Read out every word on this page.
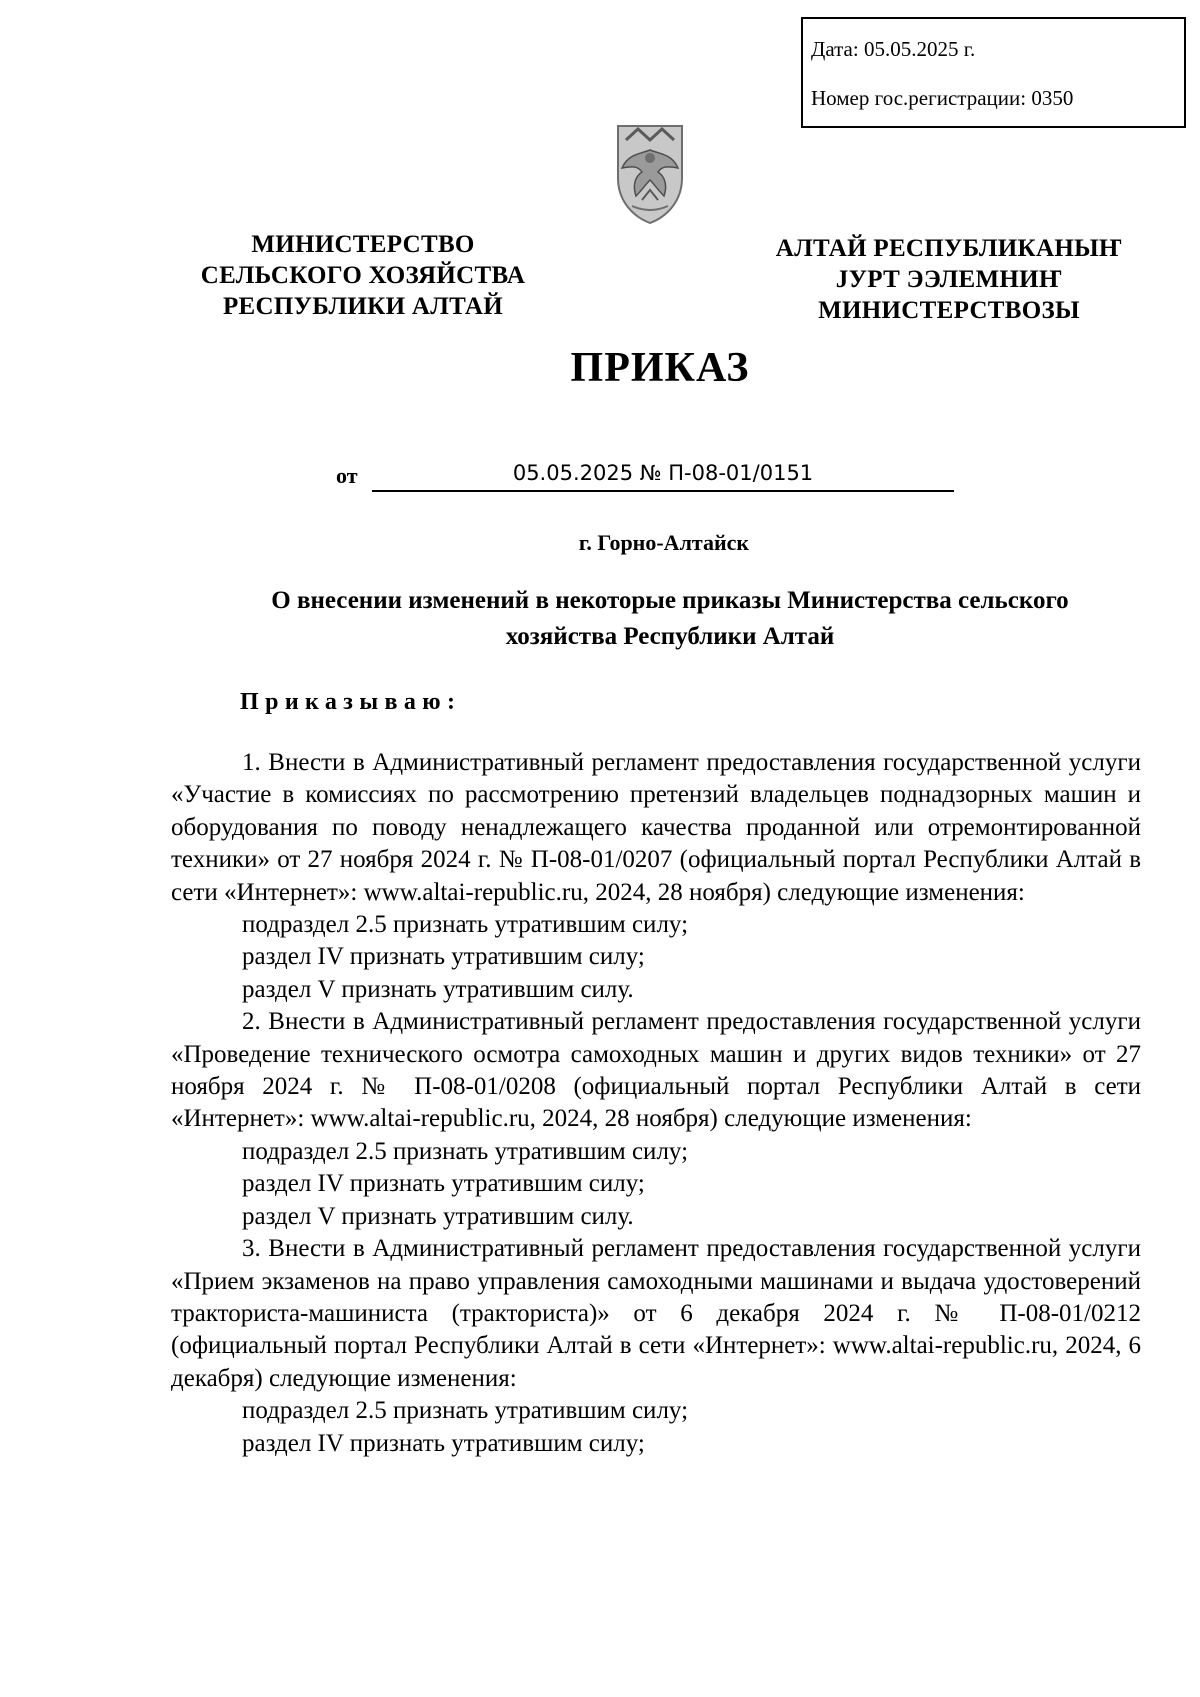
Дата: 05.05.2025 г.
Номер гос.регистрации: 0350
МИНИСТЕРСТВО
СЕЛЬСКОГО ХОЗЯЙСТВА
РЕСПУБЛИКИ АЛТАЙ
АЛТАЙ РЕСПУБЛИКАНЫҤ
ЈУРТ ЭЭЛЕМНИҤ
МИНИСТЕРСТВОЗЫ
ПРИКАЗ
от	05.05.2025 № П-08-01/0151
г. Горно-Алтайск
О внесении изменений в некоторые приказы Министерства сельского
хозяйства Республики Алтай
Приказываю:

1. Внести в Административный регламент предоставления государственной услуги «Участие в комиссиях по рассмотрению претензий владельцев поднадзорных машин и оборудования по поводу ненадлежащего качества проданной или отремонтированной техники» от 27 ноября 2024 г. № П-08-01/0207 (официальный портал Республики Алтай в сети «Интернет»: www.altai-republic.ru, 2024, 28 ноября) следующие изменения:

подраздел 2.5 признать утратившим силу;

раздел IV признать утратившим силу;

раздел V признать утратившим силу.

2. Внести в Административный регламент предоставления государственной услуги «Проведение технического осмотра самоходных машин и других видов техники» от 27 ноября 2024 г. № П-08-01/0208 (официальный портал Республики Алтай в сети «Интернет»: www.altai-republic.ru, 2024, 28 ноября) следующие изменения:

подраздел 2.5 признать утратившим силу;

раздел IV признать утратившим силу;

раздел V признать утратившим силу.

3. Внести в Административный регламент предоставления государственной услуги «Прием экзаменов на право управления самоходными машинами и выдача удостоверений тракториста-машиниста (тракториста)» от 6 декабря 2024 г. № П-08-01/0212 (официальный портал Республики Алтай в сети «Интернет»: www.altai-republic.ru, 2024, 6 декабря) следующие изменения:

подраздел 2.5 признать утратившим силу;

раздел IV признать утратившим силу;
